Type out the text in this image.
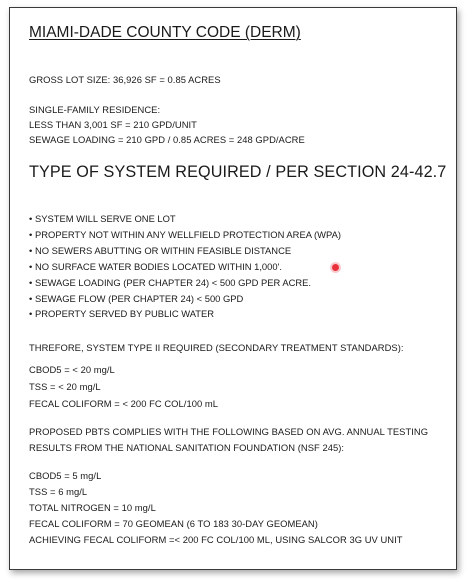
MIAMI-DADE COUNTY CODE (DERM)
GROSS LOT SIZE: 36,926 SF = 0.85 ACRES
SINGLE-FAMILY RESIDENCE:
LESS THAN 3,001 SF = 210 GPD/UNIT
SEWAGE LOADING = 210 GPD / 0.85 ACRES = 248 GPD/ACRE
TYPE OF SYSTEM REQUIRED / PER SECTION 24-42.7
• SYSTEM WILL SERVE ONE LOT
• PROPERTY NOT WITHIN ANY WELLFIELD PROTECTION AREA (WPA)
• NO SEWERS ABUTTING OR WITHIN FEASIBLE DISTANCE
• NO SURFACE WATER BODIES LOCATED WITHIN 1,000'.
• SEWAGE LOADING (PER CHAPTER 24) < 500 GPD PER ACRE.
• SEWAGE FLOW (PER CHAPTER 24) < 500 GPD
• PROPERTY SERVED BY PUBLIC WATER
THREFORE, SYSTEM TYPE II REQUIRED (SECONDARY TREATMENT STANDARDS):
CBOD5 = < 20 mg/L
TSS = < 20 mg/L
FECAL COLIFORM = < 200 FC COL/100 mL
PROPOSED PBTS COMPLIES WITH THE FOLLOWING BASED ON AVG. ANNUAL TESTING
RESULTS FROM THE NATIONAL SANITATION FOUNDATION (NSF 245):
CBOD5 = 5 mg/L
TSS = 6 mg/L
TOTAL NITROGEN = 10 mg/L
FECAL COLIFORM = 70 GEOMEAN (6 TO 183 30-DAY GEOMEAN)
ACHIEVING FECAL COLIFORM =< 200 FC COL/100 ML, USING SALCOR 3G UV UNIT
